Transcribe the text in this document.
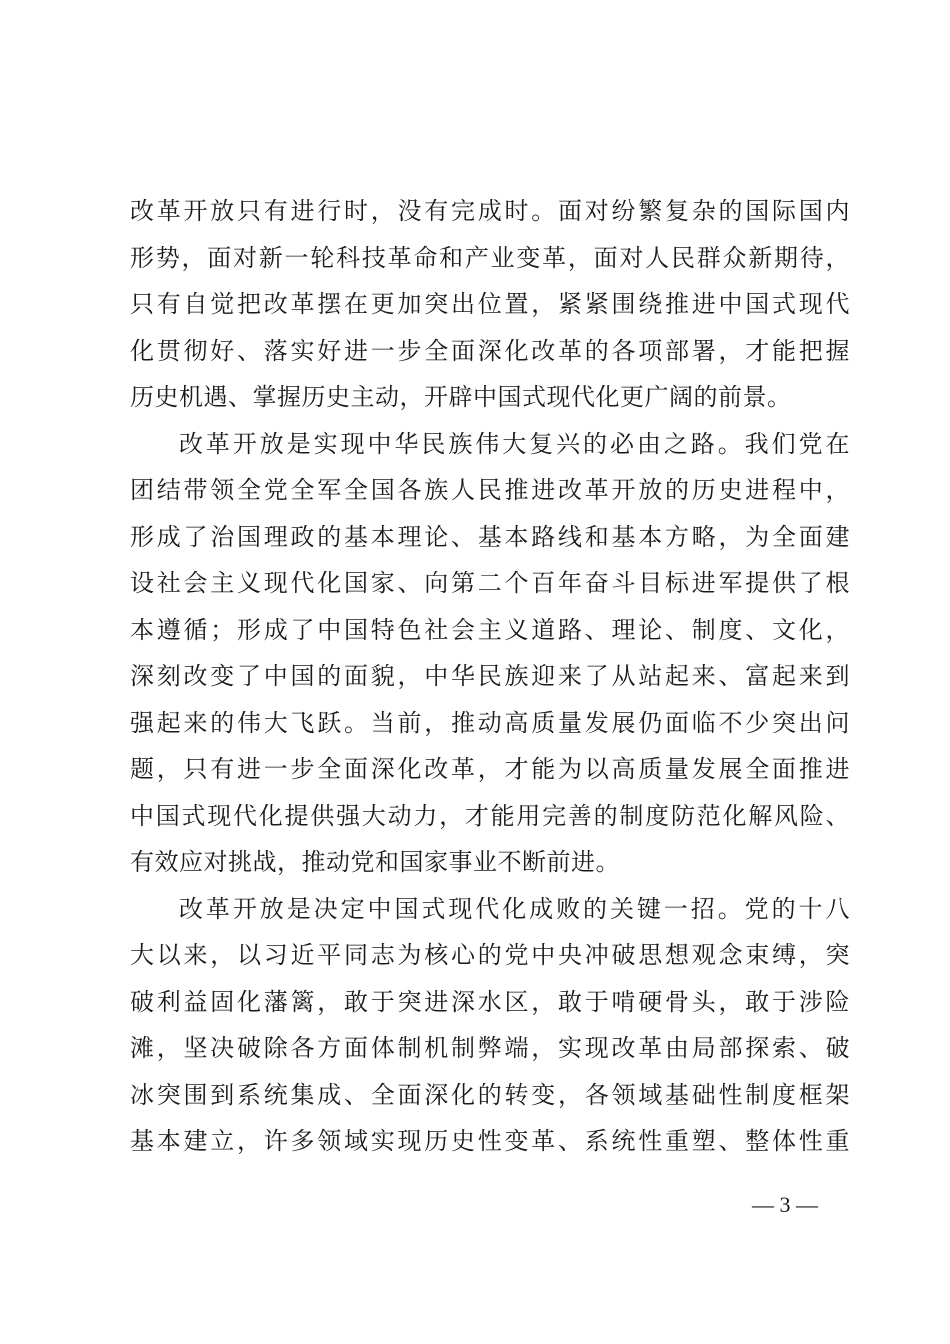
改革开放只有进行时，没有完成时。面对纷繁复杂的国际国内
形势，面对新一轮科技革命和产业变革，面对人民群众新期待，
只有自觉把改革摆在更加突出位置，紧紧围绕推进中国式现代
化贯彻好、落实好进一步全面深化改革的各项部署，才能把握
历史机遇、掌握历史主动，开辟中国式现代化更广阔的前景。
改革开放是实现中华民族伟大复兴的必由之路。我们党在
团结带领全党全军全国各族人民推进改革开放的历史进程中，
形成了治国理政的基本理论、基本路线和基本方略，为全面建
设社会主义现代化国家、向第二个百年奋斗目标进军提供了根
本遵循；形成了中国特色社会主义道路、理论、制度、文化，
深刻改变了中国的面貌，中华民族迎来了从站起来、富起来到
强起来的伟大飞跃。当前，推动高质量发展仍面临不少突出问
题，只有进一步全面深化改革，才能为以高质量发展全面推进
中国式现代化提供强大动力，才能用完善的制度防范化解风险、
有效应对挑战，推动党和国家事业不断前进。
改革开放是决定中国式现代化成败的关键一招。党的十八
大以来，以习近平同志为核心的党中央冲破思想观念束缚，突
破利益固化藩篱，敢于突进深水区，敢于啃硬骨头，敢于涉险
滩，坚决破除各方面体制机制弊端，实现改革由局部探索、破
冰突围到系统集成、全面深化的转变，各领域基础性制度框架
基本建立，许多领域实现历史性变革、系统性重塑、整体性重
— 3 —
